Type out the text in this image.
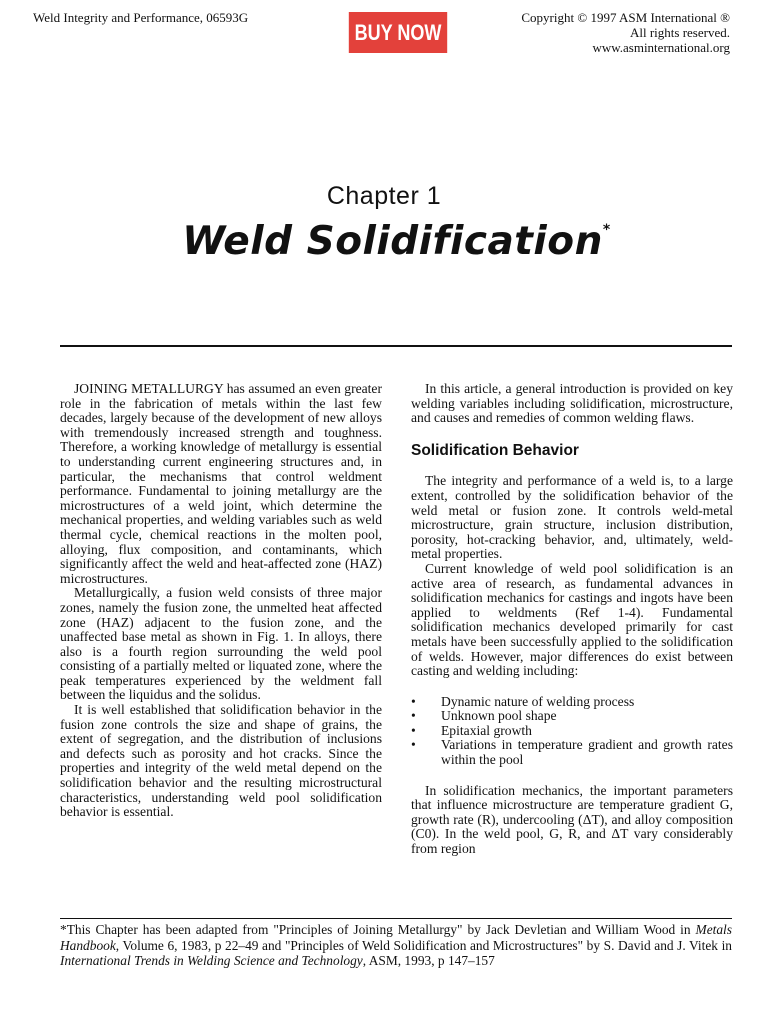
Weld Integrity and Performance, 06593G
BUY NOW
Copyright © 1997 ASM International ®
All rights reserved.
www.asminternational.org
Chapter 1
Weld Solidification*

JOINING METALLURGY has assumed an even greater role in the fabrication of metals within the last few decades, largely because of the development of new alloys with tremendously increased strength and toughness. Therefore, a working knowledge of metallurgy is essential to understanding current engineering structures and, in particular, the mechanisms that control weldment performance. Fundamental to joining metallurgy are the microstructures of a weld joint, which determine the mechanical properties, and welding variables such as weld thermal cycle, chemical reactions in the molten pool, alloying, flux composition, and contaminants, which significantly affect the weld and heat-affected zone (HAZ) microstructures.

Metallurgically, a fusion weld consists of three major zones, namely the fusion zone, the unmelted heat affected zone (HAZ) adjacent to the fusion zone, and the unaffected base metal as shown in Fig. 1. In alloys, there also is a fourth region surrounding the weld pool consisting of a partially melted or liquated zone, where the peak temperatures experienced by the weldment fall between the liquidus and the solidus.

It is well established that solidification behavior in the fusion zone controls the size and shape of grains, the extent of segregation, and the distribution of inclusions and defects such as porosity and hot cracks. Since the properties and integrity of the weld metal depend on the solidification behavior and the resulting microstructural characteristics, understanding weld pool solidification behavior is essential.

In this article, a general introduction is provided on key welding variables including solidification, microstructure, and causes and remedies of common welding flaws.

Solidification Behavior

The integrity and performance of a weld is, to a large extent, controlled by the solidification behavior of the weld metal or fusion zone. It controls weld-metal microstructure, grain structure, inclusion distribution, porosity, hot-cracking behavior, and, ultimately, weld-metal properties.

Current knowledge of weld pool solidification is an active area of research, as fundamental advances in solidification mechanics for castings and ingots have been applied to weldments (Ref 1-4). Fundamental solidification mechanics developed primarily for cast metals have been successfully applied to the solidification of welds. However, major differences do exist between casting and welding including:

• Dynamic nature of welding process
• Unknown pool shape
• Epitaxial growth
• Variations in temperature gradient and growth rates within the pool

In solidification mechanics, the important parameters that influence microstructure are temperature gradient G, growth rate (R), undercooling (ΔT), and alloy composition (C0). In the weld pool, G, R, and ΔT vary considerably from region

*This Chapter has been adapted from "Principles of Joining Metallurgy" by Jack Devletian and William Wood in Metals Handbook, Volume 6, 1983, p 22–49 and "Principles of Weld Solidification and Microstructures" by S. David and J. Vitek in International Trends in Welding Science and Technology, ASM, 1993, p 147–157
